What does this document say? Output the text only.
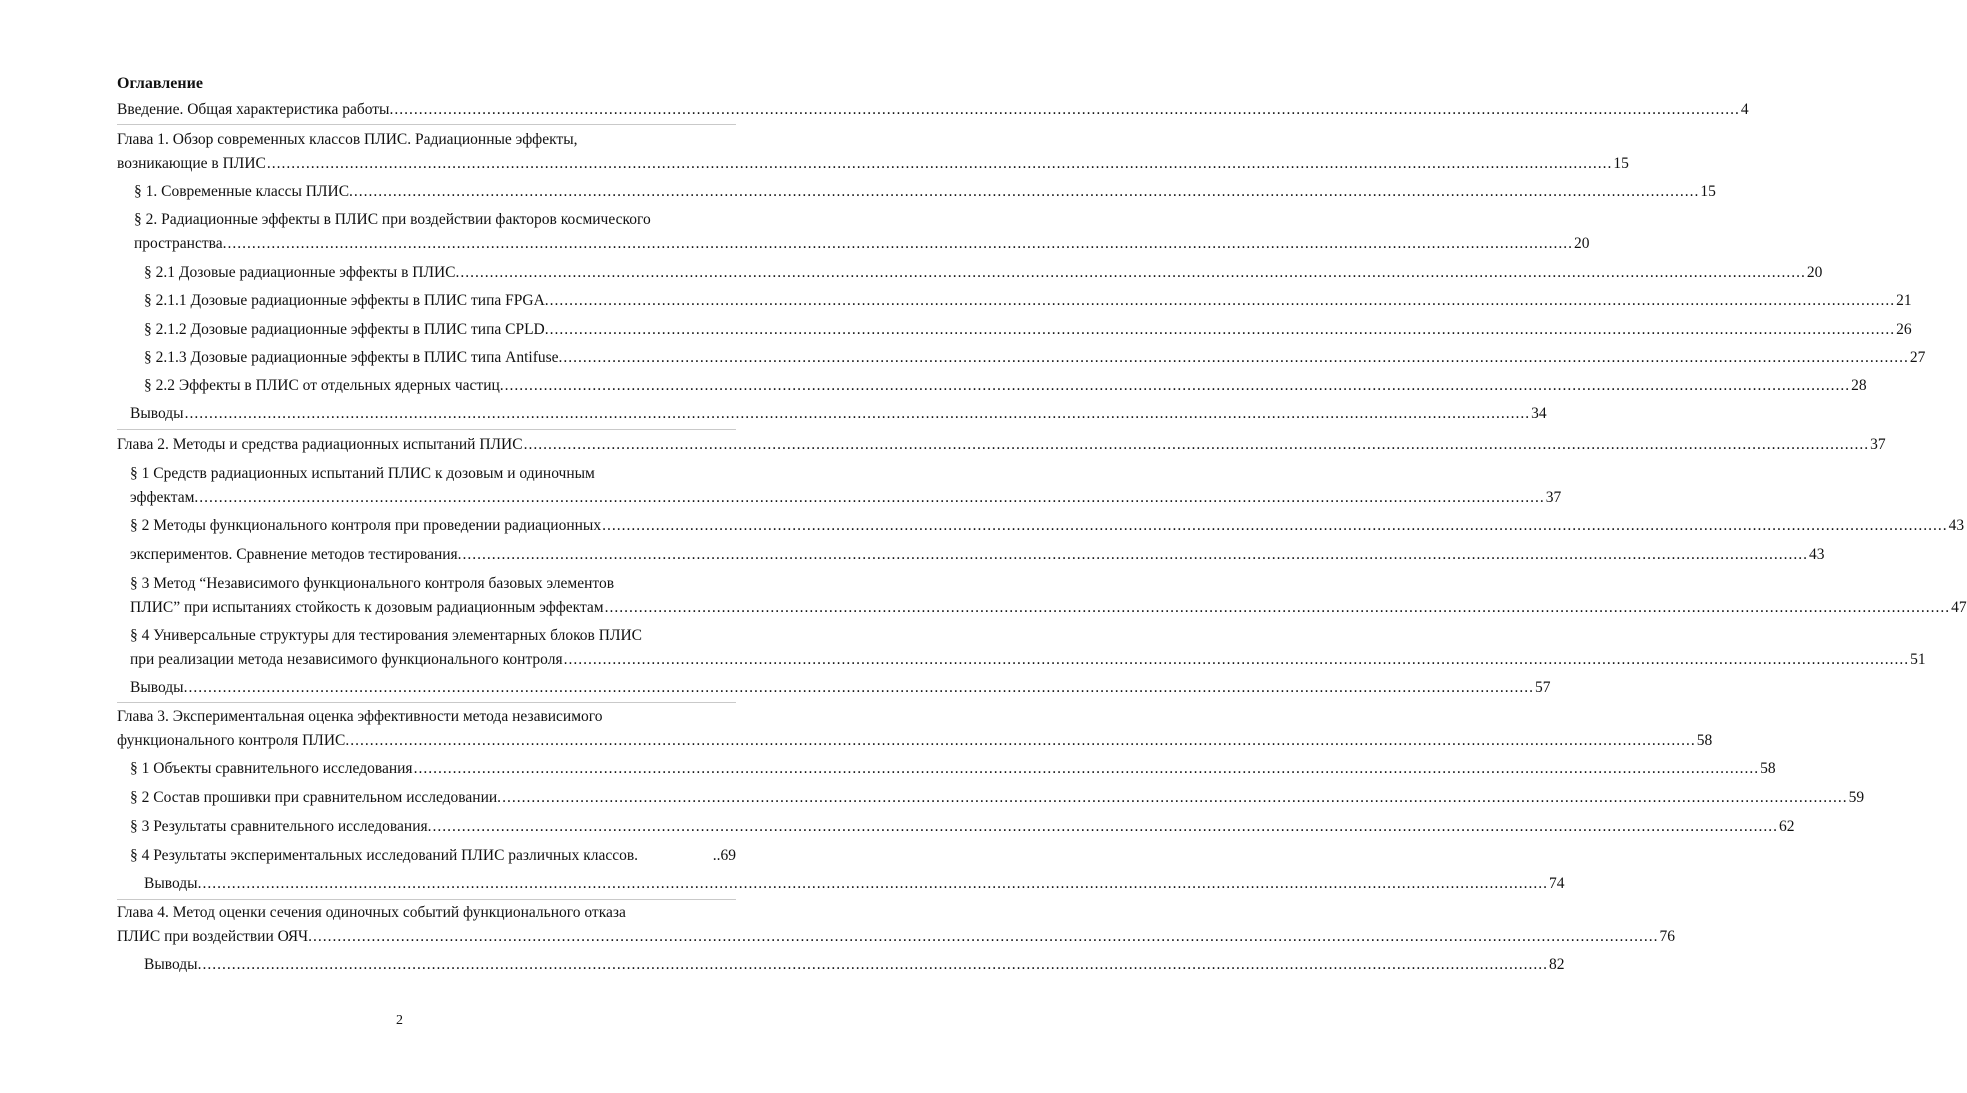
Оглавление
Введение. Общая характеристика работы. .....	4
Глава 1. Обзор современных классов ПЛИС. Радиационные эффекты,
возникающие в ПЛИС .....	15
§ 1. Современные классы ПЛИС. .....	15
§ 2. Радиационные эффекты в ПЛИС при воздействии факторов космического
пространства. .....	20
§ 2.1 Дозовые радиационные эффекты в ПЛИС. .....	20
§ 2.1.1 Дозовые радиационные эффекты в ПЛИС типа FPGA. .....	21
§ 2.1.2 Дозовые радиационные эффекты в ПЛИС типа CPLD. .....	26
§ 2.1.3 Дозовые радиационные эффекты в ПЛИС типа Antifuse. .....	27
§ 2.2 Эффекты в ПЛИС от отдельных ядерных частиц. .....	28
Выводы .....	34
Глава 2. Методы и средства радиационных испытаний ПЛИС .....	37
§ 1 Средств радиационных испытаний ПЛИС к дозовым и одиночным
эффектам. .....	37
§ 2 Методы функционального контроля при проведении радиационных .....	43
экспериментов. Сравнение методов тестирования. .....	43
§ 3 Метод “Независимого функционального контроля базовых элементов
ПЛИС” при испытаниях стойкость к дозовым радиационным эффектам .....	47
§ 4 Универсальные структуры для тестирования элементарных блоков ПЛИС
при реализации метода независимого функционального контроля .....	51
Выводы. .....	57
Глава 3. Экспериментальная оценка эффективности метода независимого
функционального контроля ПЛИС. .....	58
§ 1 Объекты сравнительного исследования .....	58
§ 2 Состав прошивки при сравнительном исследовании. .....	59
§ 3 Результаты сравнительного исследования. .....	62
§ 4 Результаты экспериментальных исследований ПЛИС различных классов.	..69
Выводы. .....	74
Глава 4. Метод оценки сечения одиночных событий функционального отказа
ПЛИС при воздействии ОЯЧ. .....	76
Выводы. .....	82
2
